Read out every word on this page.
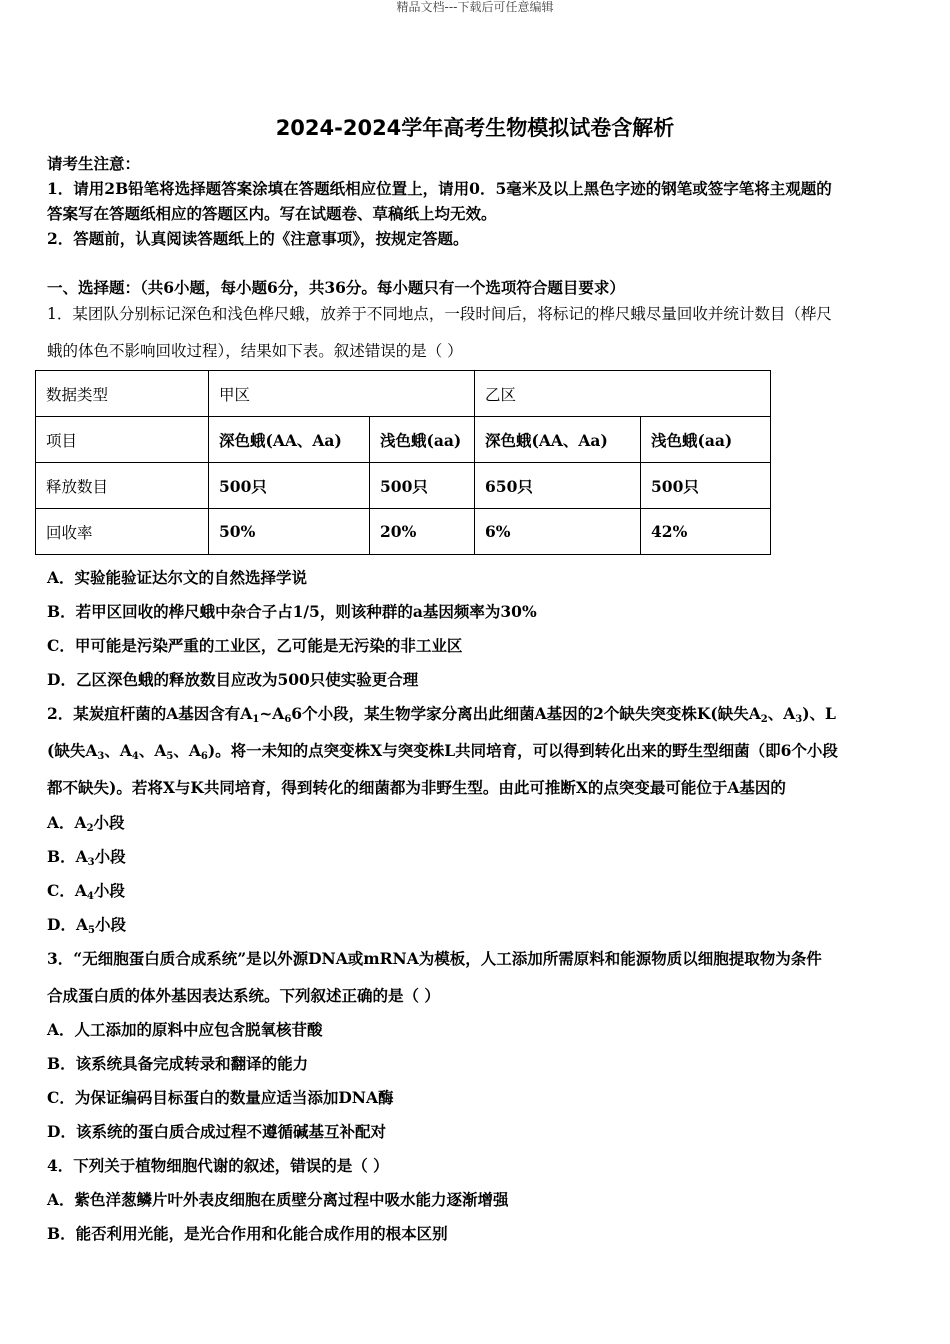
精品文档---下载后可任意编辑
2024-2024学年高考生物模拟试卷含解析
请考生注意：
1．请用2B铅笔将选择题答案涂填在答题纸相应位置上，请用0．5毫米及以上黑色字迹的钢笔或签字笔将主观题的
答案写在答题纸相应的答题区内。写在试题卷、草稿纸上均无效。
2．答题前，认真阅读答题纸上的《注意事项》，按规定答题。
一、选择题：（共6小题，每小题6分，共36分。每小题只有一个选项符合题目要求）
1．某团队分别标记深色和浅色桦尺蛾，放养于不同地点，一段时间后，将标记的桦尺蛾尽量回收并统计数目（桦尺
蛾的体色不影响回收过程），结果如下表。叙述错误的是（ ）
数据类型	甲区		乙区	
项目	深色蛾(AA、Aa)	浅色蛾(aa)	深色蛾(AA、Aa)	浅色蛾(aa)
释放数目	500只	500只	650只	500只
回收率	50%	20%	6%	42%
A．实验能验证达尔文的自然选择学说
B．若甲区回收的桦尺蛾中杂合子占1/5，则该种群的a基因频率为30%
C．甲可能是污染严重的工业区，乙可能是无污染的非工业区
D．乙区深色蛾的释放数目应改为500只使实验更合理
2．某炭疽杆菌的A基因含有$A_1\sim A_66$个小段，某生物学家分离出此细菌A基因的2个缺失突变株K(缺失$A_2$、$A_3$)、L
(缺失$A_3$、$A_4$、$A_5$、$A_6$)。将一未知的点突变株X与突变株L共同培育，可以得到转化出来的野生型细菌（即6个小段
都不缺失)。若将X与K共同培育，得到转化的细菌都为非野生型。由此可推断X的点突变最可能位于A基因的
A．$A_2$小段
B．$A_3$小段
C．$A_4$小段
D．$A_5$小段
3．“无细胞蛋白质合成系统”是以外源DNA或mRNA为模板，人工添加所需原料和能源物质以细胞提取物为条件
合成蛋白质的体外基因表达系统。下列叙述正确的是（ ）
A．人工添加的原料中应包含脱氧核苷酸
B．该系统具备完成转录和翻译的能力
C．为保证编码目标蛋白的数量应适当添加DNA酶
D．该系统的蛋白质合成过程不遵循碱基互补配对
4．下列关于植物细胞代谢的叙述，错误的是（ ）
A．紫色洋葱鳞片叶外表皮细胞在质壁分离过程中吸水能力逐渐增强
B．能否利用光能，是光合作用和化能合成作用的根本区别
